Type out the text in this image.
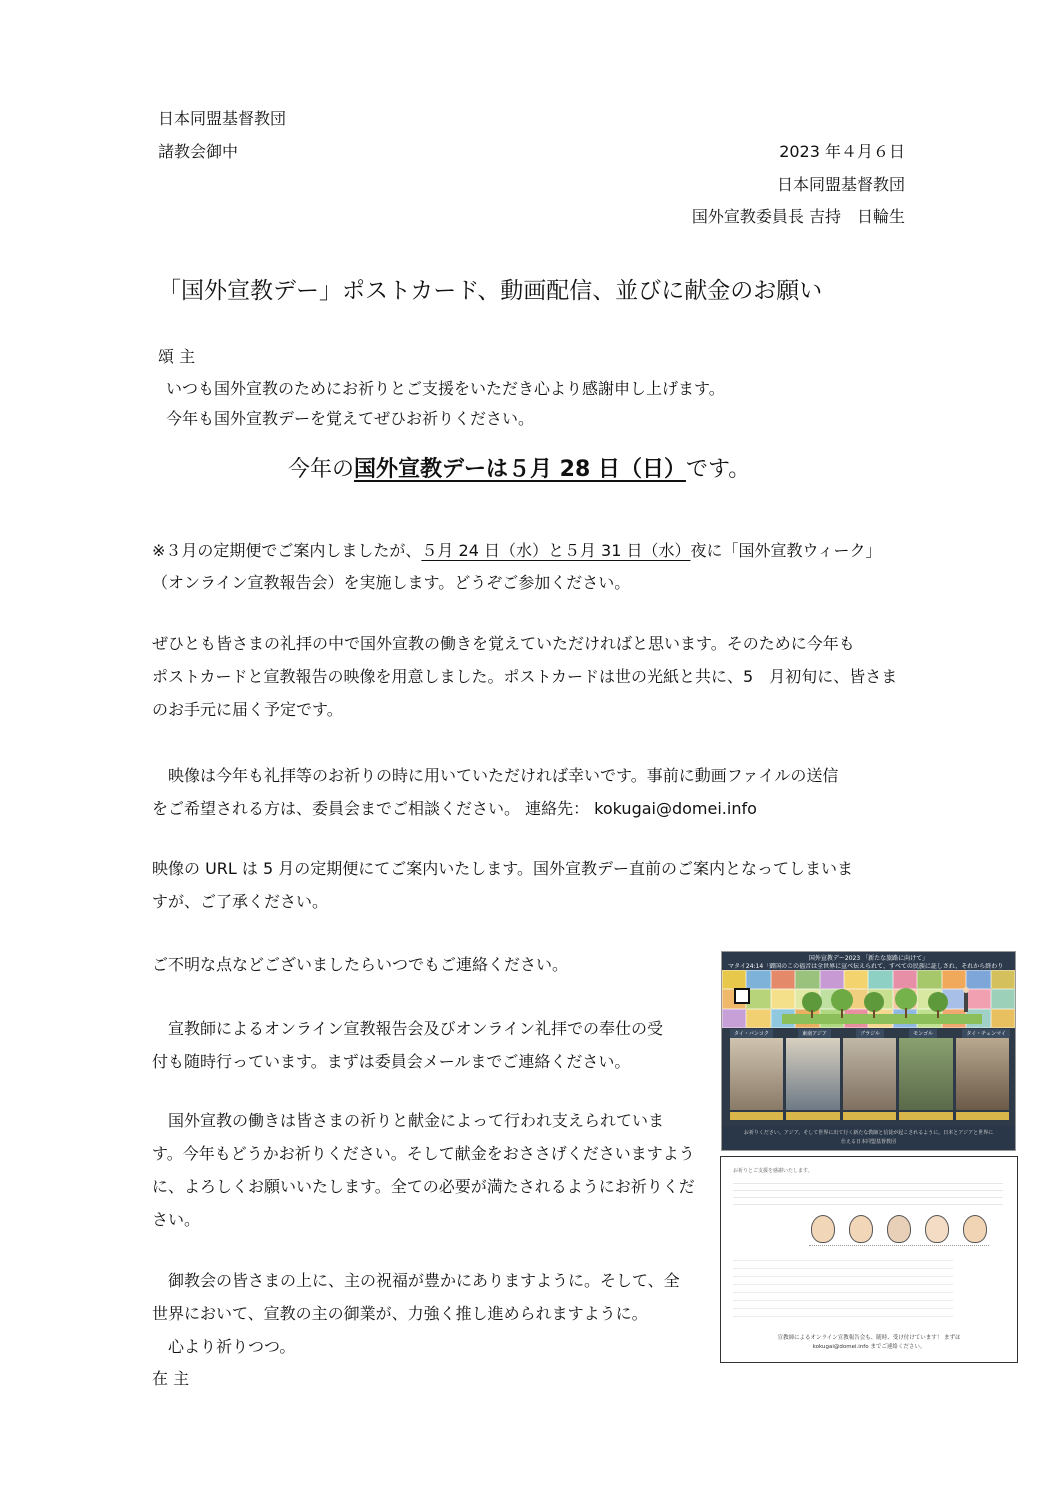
日本同盟基督教団
諸教会御中	2023 年４月６日
日本同盟基督教団
国外宣教委員長 吉持　日輪生
「国外宣教デー」ポストカード、動画配信、並びに献金のお願い
頌 主
いつも国外宣教のためにお祈りとご支援をいただき心より感謝申し上げます。
今年も国外宣教デーを覚えてぜひお祈りください。
今年の国外宣教デーは５月 28 日（日）です。
※３月の定期便でご案内しましたが、５月 24 日（水）と５月 31 日（水）夜に「国外宣教ウィーク」
（オンライン宣教報告会）を実施します。どうぞご参加ください。
ぜひとも皆さまの礼拝の中で国外宣教の働きを覚えていただければと思います。そのために今年も
ポストカードと宣教報告の映像を用意しました。ポストカードは世の光紙と共に、5　月初旬に、皆さま
のお手元に届く予定です。
　映像は今年も礼拝等のお祈りの時に用いていただければ幸いです。事前に動画ファイルの送信
をご希望される方は、委員会までご相談ください。 連絡先： kokugai@domei.info
映像の URL は 5 月の定期便にてご案内いたします。国外宣教デー直前のご案内となってしまいま
すが、ご了承ください。
ご不明な点などございましたらいつでもご連絡ください。
　宣教師によるオンライン宣教報告会及びオンライン礼拝での奉仕の受
付も随時行っています。まずは委員会メールまでご連絡ください。
　国外宣教の働きは皆さまの祈りと献金によって行われ支えられていま
す。今年もどうかお祈りください。そして献金をおささげくださいますよう
に、よろしくお願いいたします。全ての必要が満たされるようにお祈りくだ
さい。
　御教会の皆さまの上に、主の祝福が豊かにありますように。そして、全
世界において、宣教の主の御業が、力強く推し進められますように。
　心より祈りつつ。
在 主
国外宣教デー2023 「新たな旅路に向けて」
マタイ24:14「御国のこの福音は全世界に宣べ伝えられて、すべての民族に証しされ、それから終わり
タイ・バンコク	東南アジア	ブラジル	モンゴル	タイ・チェンマイ
お祈りください。アジア、そして世界に出て行く新たな教師と信徒が起こされるように。日本とアジアと世界に仕える日本同盟基督教団
お祈りとご支援を感謝いたします。
宣教師によるオンライン宣教報告会も、随時、受け付けています！ まずは kokugai@domei.info までご連絡ください。
